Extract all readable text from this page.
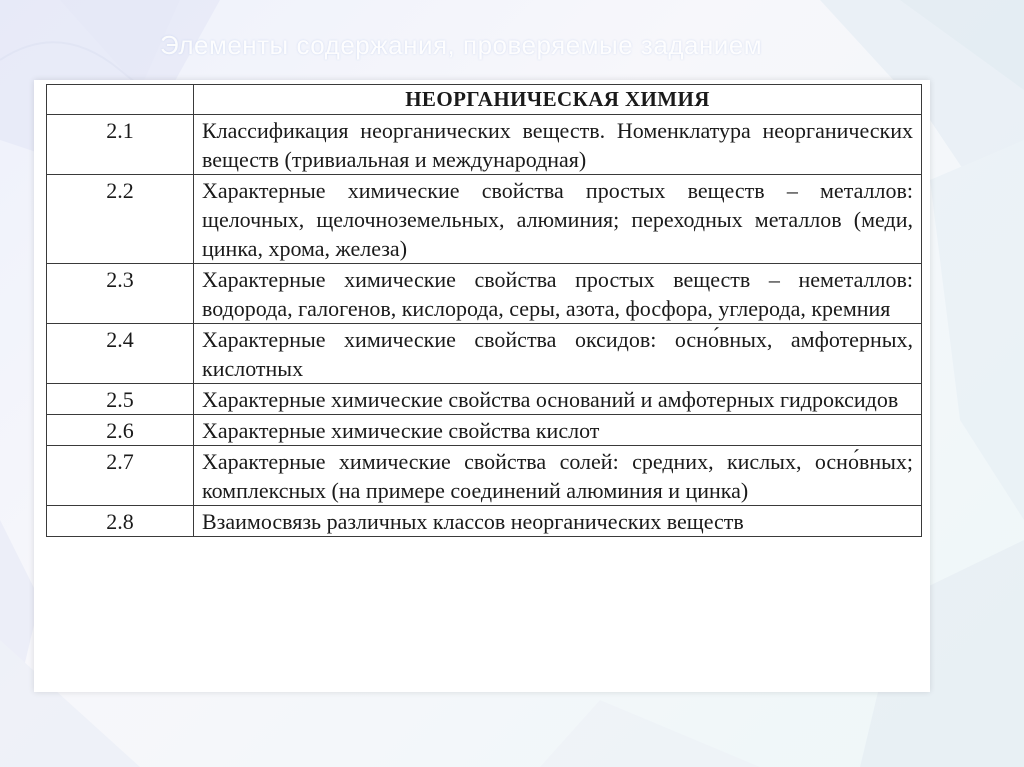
Элементы содержания, проверяемые заданием
	НЕОРГАНИЧЕСКАЯ ХИМИЯ
2.1	Классификация неорганических веществ. Номенклатура неорганических веществ (тривиальная и международная)
2.2	Характерные химические свойства простых веществ – металлов: щелочных, щелочноземельных, алюминия; переходных металлов (меди, цинка, хрома, железа)
2.3	Характерные химические свойства простых веществ – неметаллов: водорода, галогенов, кислорода, серы, азота, фосфора, углерода, кремния
2.4	Характерные химические свойства оксидов: осно́вных, амфотерных, кислотных
2.5	Характерные химические свойства оснований и амфотерных гидроксидов
2.6	Характерные химические свойства кислот
2.7	Характерные химические свойства солей: средних, кислых, осно́вных; комплексных (на примере соединений алюминия и цинка)
2.8	Взаимосвязь различных классов неорганических веществ
